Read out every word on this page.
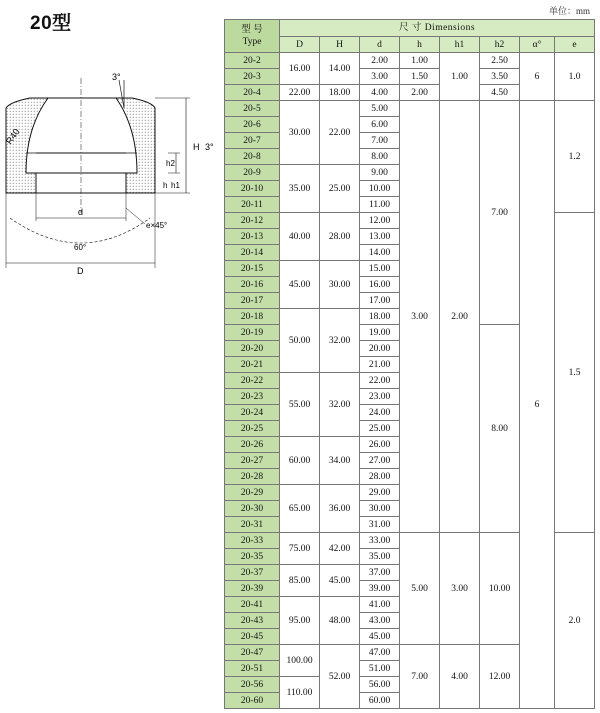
20型
单位：mm
3°
3°
R40
h2
h h1
H
d
e×45°
60°
D
型 号
Type	尺 寸 Dimensions							
	D	H	d	h	h1	h2	α°	e
20-2	16.00	14.00	2.00	1.00	1.00	2.50	6	1.0
20-3			3.00	1.50		3.50		
20-4	22.00	18.00	4.00	2.00		4.50		
20-5	30.00	22.00	5.00	3.00	2.00	7.00	6	1.2
20-6			6.00					
20-7			7.00					
20-8			8.00					
20-9	35.00	25.00	9.00					
20-10			10.00					
20-11			11.00					
20-12	40.00	28.00	12.00					1.5
20-13			13.00					
20-14			14.00					
20-15	45.00	30.00	15.00					
20-16			16.00					
20-17			17.00					
20-18	50.00	32.00	18.00					
20-19			19.00			8.00		
20-20			20.00					
20-21			21.00					
20-22	55.00	32.00	22.00					
20-23			23.00					
20-24			24.00					
20-25			25.00					
20-26	60.00	34.00	26.00					
20-27			27.00					
20-28			28.00					
20-29	65.00	36.00	29.00					
20-30			30.00					
20-31			31.00					
20-33	75.00	42.00	33.00	5.00	3.00	10.00		2.0
20-35			35.00					
20-37	85.00	45.00	37.00					
20-39			39.00					
20-41	95.00	48.00	41.00					
20-43			43.00					
20-45			45.00					
20-47	100.00	52.00	47.00	7.00	4.00	12.00		
20-51			51.00					
20-56	110.00		56.00					
20-60			60.00					
